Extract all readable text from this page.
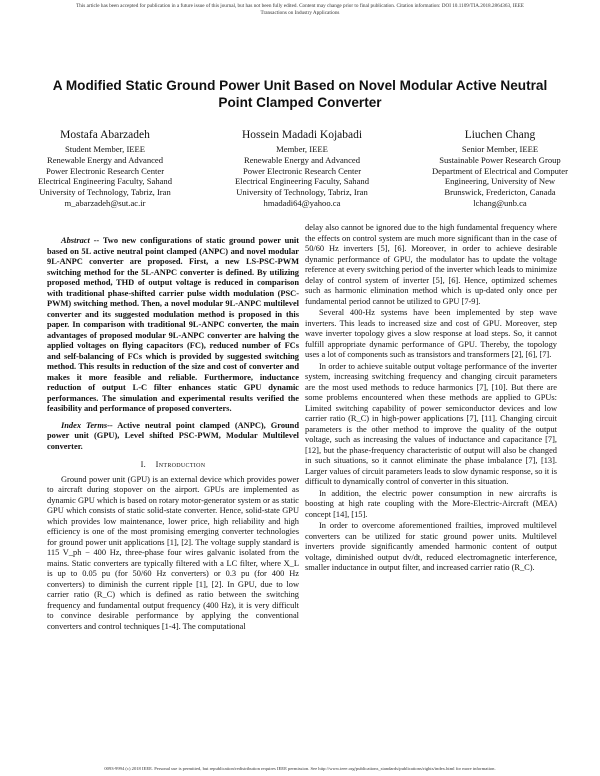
This article has been accepted for publication in a future issue of this journal, but has not been fully edited. Content may change prior to final publication. Citation information: DOI 10.1109/TIA.2018.2864363, IEEE
Transactions on Industry Applications
A Modified Static Ground Power Unit Based on Novel Modular Active Neutral Point Clamped Converter
Mostafa Abarzadeh
Student Member, IEEE
Renewable Energy and Advanced
Power Electronic Research Center
Electrical Engineering Faculty, Sahand
University of Technology, Tabriz, Iran
m_abarzadeh@sut.ac.ir
Hossein Madadi Kojabadi
Member, IEEE
Renewable Energy and Advanced
Power Electronic Research Center
Electrical Engineering Faculty, Sahand
University of Technology, Tabriz, Iran
hmadadi64@yahoo.ca
Liuchen Chang
Senior Member, IEEE
Sustainable Power Research Group
Department of Electrical and Computer
Engineering, University of New
Brunswick, Fredericton, Canada
lchang@unb.ca

Abstract -- Two new configurations of static ground power unit based on 5L active neutral point clamped (ANPC) and novel modular 9L-ANPC converter are proposed. First, a new LS-PSC-PWM switching method for the 5L-ANPC converter is defined. By utilizing proposed method, THD of output voltage is reduced in comparison with traditional phase-shifted carrier pulse width modulation (PSC-PWM) switching method. Then, a novel modular 9L-ANPC multilevel converter and its suggested modulation method is proposed in this paper. In comparison with traditional 9L-ANPC converter, the main advantages of proposed modular 9L-ANPC converter are halving the applied voltages on flying capacitors (FC), reduced number of FCs and self-balancing of FCs which is provided by suggested switching method. This results in reduction of the size and cost of converter and makes it more feasible and reliable. Furthermore, inductance reduction of output L-C filter enhances static GPU dynamic performances. The simulation and experimental results verified the feasibility and performance of proposed converters.

Index Terms-- Active neutral point clamped (ANPC), Ground power unit (GPU), Level shifted PSC-PWM, Modular Multilevel converter.

I. Introduction

Ground power unit (GPU) is an external device which provides power to aircraft during stopover on the airport. GPUs are implemented as dynamic GPU which is based on rotary motor-generator system or as static GPU which consists of static solid-state converter. Hence, solid-state GPU which provides low maintenance, lower price, high reliability and high efficiency is one of the most promising emerging converter technologies for ground power unit applications [1], [2]. The voltage supply standard is 115 V_ph − 400 Hz, three-phase four wires galvanic isolated from the mains. Static converters are typically filtered with a LC filter, where X_L is up to 0.05 pu (for 50/60 Hz converters) or 0.3 pu (for 400 Hz converters) to diminish the current ripple [1], [2]. In GPU, due to low carrier ratio (R_C) which is defined as ratio between the switching frequency and fundamental output frequency (400 Hz), it is very difficult to convince desirable performance by applying the conventional converters and control techniques [1-4]. The computational

delay also cannot be ignored due to the high fundamental frequency where the effects on control system are much more significant than in the case of 50/60 Hz inverters [5], [6]. Moreover, in order to achieve desirable dynamic performance of GPU, the modulator has to update the voltage reference at every switching period of the inverter which leads to minimize delay of control system of inverter [5], [6]. Hence, optimized schemes such as harmonic elimination method which is up-dated only once per fundamental period cannot be utilized to GPU [7-9].

Several 400-Hz systems have been implemented by step wave inverters. This leads to increased size and cost of GPU. Moreover, step wave inverter topology gives a slow response at load steps. So, it cannot fulfill appropriate dynamic performance of GPU. Thereby, the topology uses a lot of components such as transistors and transformers [2], [6], [7].

In order to achieve suitable output voltage performance of the inverter system, increasing switching frequency and changing circuit parameters are the most used methods to reduce harmonics [7], [10]. But there are some problems encountered when these methods are applied to GPUs: Limited switching capability of power semiconductor devices and low carrier ratio (R_C) in high-power applications [7], [11]. Changing circuit parameters is the other method to improve the quality of the output voltage, such as increasing the values of inductance and capacitance [7], [12], but the phase-frequency characteristic of output will also be changed in such situations, so it cannot eliminate the phase imbalance [7], [13]. Larger values of circuit parameters leads to slow dynamic response, so it is difficult to dynamically control of converter in this situation.

In addition, the electric power consumption in new aircrafts is boosting at high rate coupling with the More-Electric-Aircraft (MEA) concept [14], [15].

In order to overcome aforementioned frailties, improved multilevel converters can be utilized for static ground power units. Multilevel inverters provide significantly amended harmonic content of output voltage, diminished output dv/dt, reduced electromagnetic interference, smaller inductance in output filter, and increased carrier ratio (R_C).

0093-9994 (c) 2018 IEEE. Personal use is permitted, but republication/redistribution requires IEEE permission. See http://www.ieee.org/publications_standards/publications/rights/index.html for more information.
